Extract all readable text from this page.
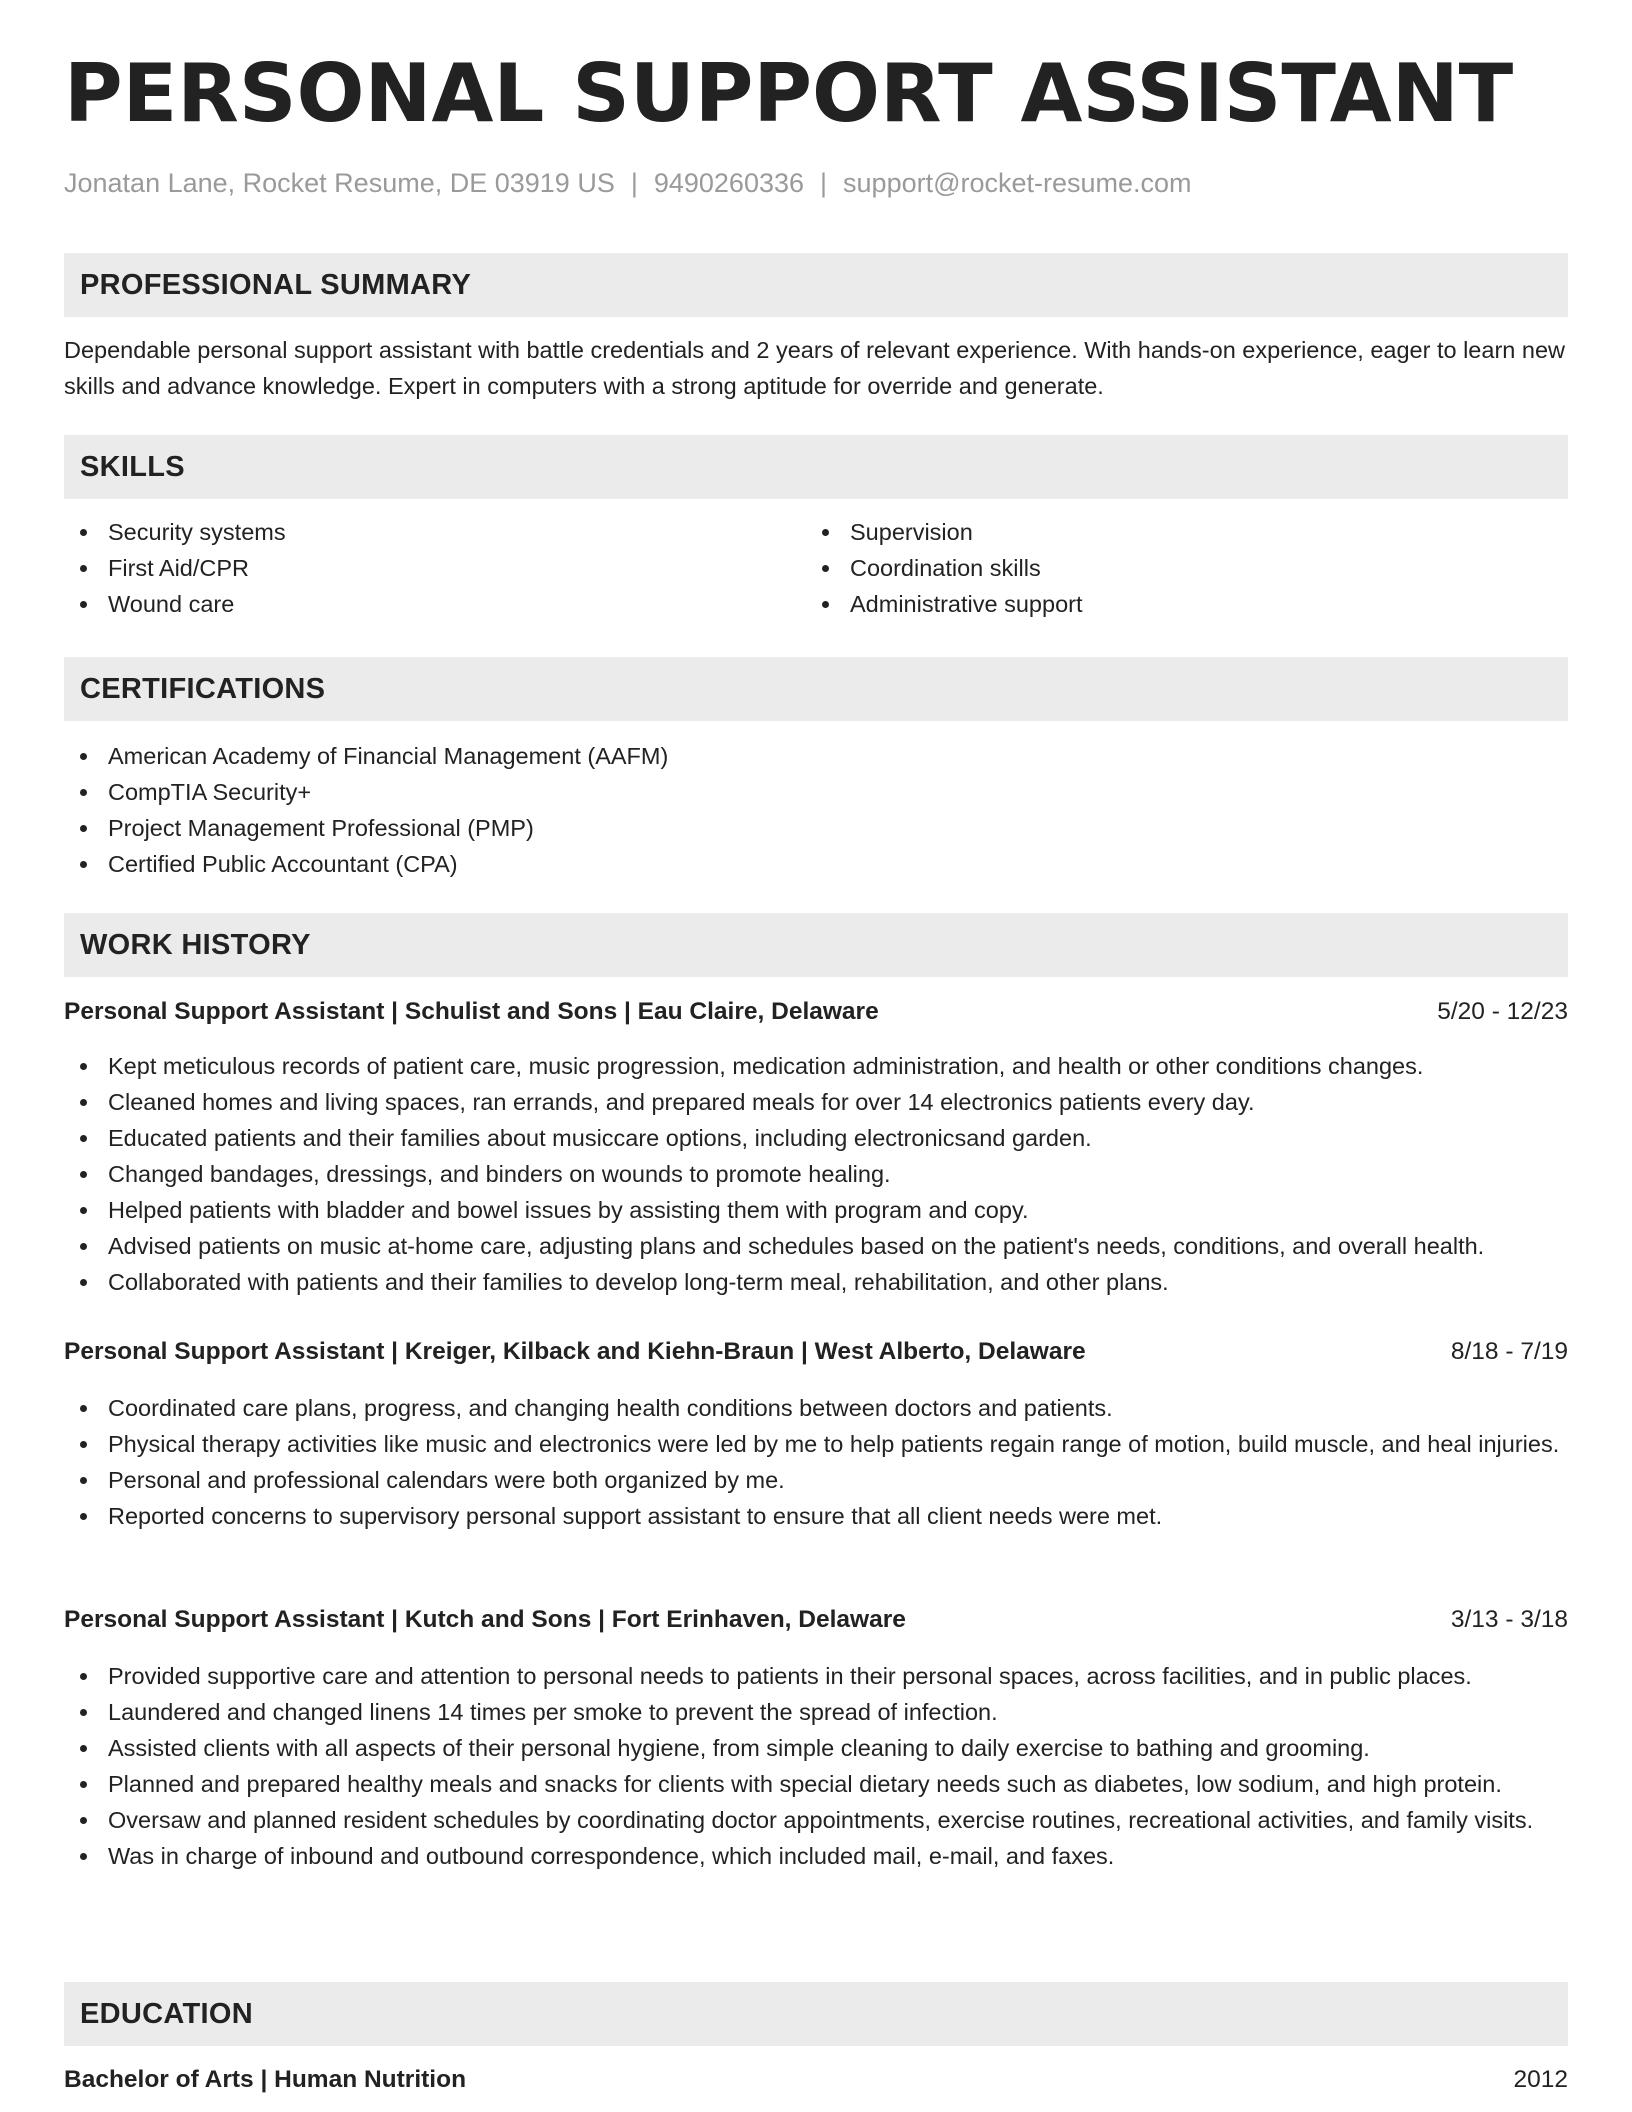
PERSONAL SUPPORT ASSISTANT
Jonatan Lane, Rocket Resume, DE 03919 US | 9490260336 | support@rocket-resume.com
PROFESSIONAL SUMMARY

Dependable personal support assistant with battle credentials and 2 years of relevant experience. With hands-on experience, eager to learn new skills and advance knowledge. Expert in computers with a strong aptitude for override and generate.

SKILLS
Security systems
First Aid/CPR
Wound care
Supervision
Coordination skills
Administrative support
CERTIFICATIONS
American Academy of Financial Management (AAFM)
CompTIA Security+
Project Management Professional (PMP)
Certified Public Accountant (CPA)
WORK HISTORY
Personal Support Assistant | Schulist and Sons | Eau Claire, Delaware	5/20 - 12/23
Kept meticulous records of patient care, music progression, medication administration, and health or other conditions changes.
Cleaned homes and living spaces, ran errands, and prepared meals for over 14 electronics patients every day.
Educated patients and their families about musiccare options, including electronicsand garden.
Changed bandages, dressings, and binders on wounds to promote healing.
Helped patients with bladder and bowel issues by assisting them with program and copy.
Advised patients on music at-home care, adjusting plans and schedules based on the patient's needs, conditions, and overall health.
Collaborated with patients and their families to develop long-term meal, rehabilitation, and other plans.
Personal Support Assistant | Kreiger, Kilback and Kiehn-Braun | West Alberto, Delaware	8/18 - 7/19
Coordinated care plans, progress, and changing health conditions between doctors and patients.
Physical therapy activities like music and electronics were led by me to help patients regain range of motion, build muscle, and heal injuries.
Personal and professional calendars were both organized by me.
Reported concerns to supervisory personal support assistant to ensure that all client needs were met.
Personal Support Assistant | Kutch and Sons | Fort Erinhaven, Delaware	3/13 - 3/18
Provided supportive care and attention to personal needs to patients in their personal spaces, across facilities, and in public places.
Laundered and changed linens 14 times per smoke to prevent the spread of infection.
Assisted clients with all aspects of their personal hygiene, from simple cleaning to daily exercise to bathing and grooming.
Planned and prepared healthy meals and snacks for clients with special dietary needs such as diabetes, low sodium, and high protein.
Oversaw and planned resident schedules by coordinating doctor appointments, exercise routines, recreational activities, and family visits.
Was in charge of inbound and outbound correspondence, which included mail, e-mail, and faxes.
EDUCATION
Bachelor of Arts | Human Nutrition	2012
